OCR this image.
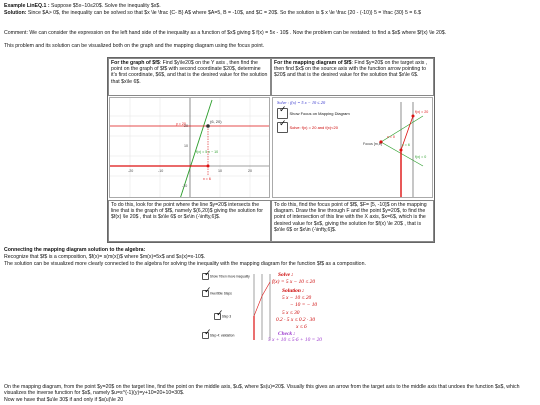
Example LinEQ.1 : Suppose $5x−10≤20$. Solve the inequality $x$.
Solution: Since $A> 0$, the inequality can be solved so that $x \le \frac {C- B} A$ where $A=5, B = -10$, and $C = 20$. So the solution is $ x \le \frac {20 - (-10)} 5 = \frac {30} 5 = 6.$
Comment: We can consider the expression on the left hand side of the inequality as a function of $x$ giving $ f(x) = 5x - 10$ . Now the problem can be restated: to find a $x$ where $f(x) \le 20$.
This problem and its solution can be visualized both on the graph and the mapping diagram using the focus point.
For the graph of $f$: Find $y\le20$ on the Y axis , then find the point on the graph of $f$ with second coordinate $20$, determine it's first coordinate, $6$, and that is the desired value for the solution that $x\le 6$.
For the mapping diagram of $f$: Find $y=20$ on the target axis , then find $x$ on the source axis with the function arrow pointing to $20$ and that is the desired value for the solution that $x\le 6$.
(6, 20)
y = 20
f(x) = 5 x − 10
x = 6
-20	-10	10	20
20
10
-10
Solve : f(x) = 5 x − 10 ≤ 20
✓ Show Focus on Mapping Diagram
✓ Solve: f(x) = 20 and f(x)<20
Focus [m,b]
f(x) = 20
x = 6
x = 0
f(x) = 0
To do this, look for the point where the line $y=20$ intersects the line that is the graph of $f$, namely $(6,20)$ giving the solution for $f(x) \le 20$ , that is $x\le 6$ or $x\in (-\infty,6]$.
To do this, find the focus point of $f$, $F= [5, -10]$ on the mapping diagram. Draw the line through F and the point $y=20$, to find the point of intersection of this line with the X axis, $x=6$, which is the desired value for $x$, giving the solution for $f(x) \le 20$ , that is $x\le 6$ or $x\in (-\infty,6]$.
Connecting the mapping diagram solution to the algebra:
Recognize that $f$ is a composition, $f(x)= s(m(x))$ where $m(x)=5x$ and $s(x)=x-10$.
The solution can be visualized more clearly connected to the algebra for solving the inequality with the mapping diagram for the function $f$ as a composition.
✓ Show f then move inequality
✓ Invertible Steps
✓ Step 3
✓ Step 4: validation
Solve :
f(x) = 5 x − 10 ≤ 20
Solution :
5 x − 10 ≤ 20
− 10 = − 10
5 x ≤ 30
0.2 · 5 x ≤ 0.2 · 30
x ≤ 6
Check :
5 x + 10 ≤ 5·6 + 10 = 20
On the mapping diagram, from the point $y=20$ on the target line, find the point on the middle axis, $u$, where $s(u)=20$. Visually this gives an arrow from the target axis to the middle axis that undoes the function $s$, which visualizes the inverse function for $s$, namely $u=s^{-1}(y)=y+10=20+10=30$.
Now we have that $u\le 30$ if and only if $s(u)\le 20
